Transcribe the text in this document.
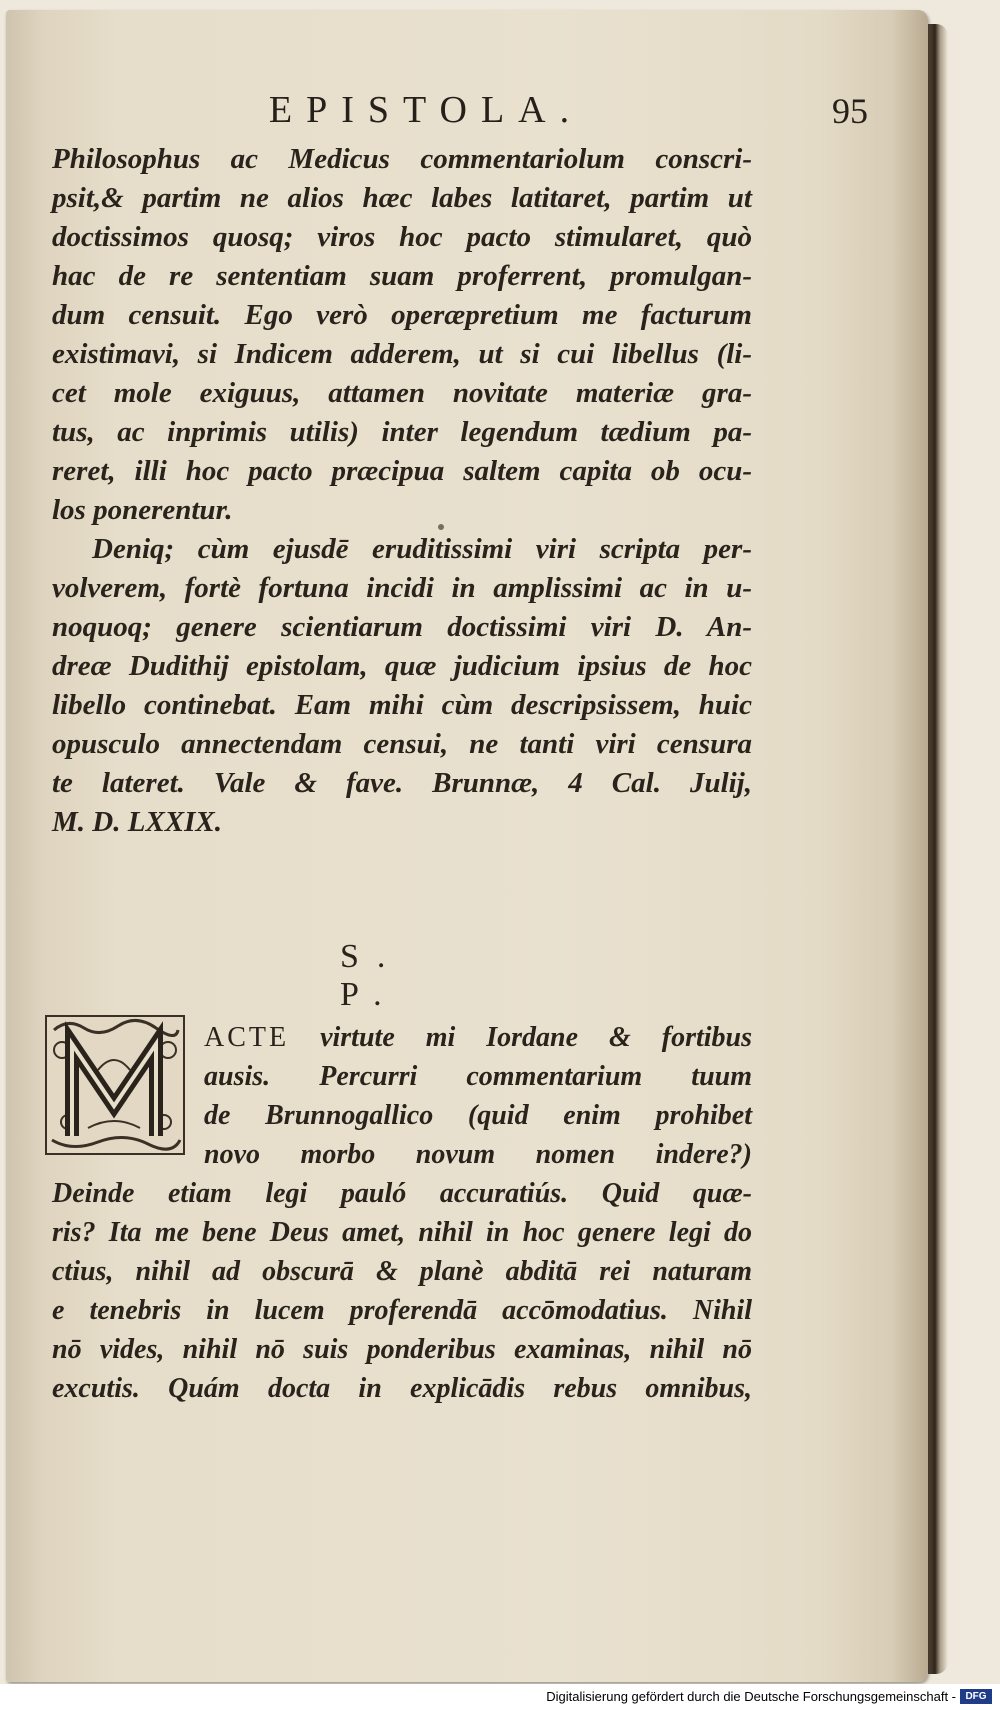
EPISTOLA.	95
Philosophus ac Medicus commentariolum conscri-
psit,& partim ne alios hæc labes latitaret, partim ut
doctissimos quosq; viros hoc pacto stimularet, quò
hac de re sententiam suam proferrent, promulgan-
dum censuit. Ego verò operæpretium me facturum
existimavi, si Indicem adderem, ut si cui libellus (li-
cet mole exiguus, attamen novitate materiæ gra-
tus, ac inprimis utilis) inter legendum tædium pa-
reret, illi hoc pacto præcipua saltem capita ob ocu-
los ponerentur.
Deniq; cùm ejusdē eruditissimi viri scripta per-
volverem, fortè fortuna incidi in amplissimi ac in u-
noquoq; genere scientiarum doctissimi viri D. An-
dreæ Dudithij epistolam, quæ judicium ipsius de hoc
libello continebat. Eam mihi cùm descripsissem, huic
opusculo annectendam censui, ne tanti viri censura
te lateret. Vale & fave. Brunnæ, 4 Cal. Julij,
M. D. LXXIX.
S. P.
ACTE virtute mi Iordane & fortibus
ausis. Percurri commentarium tuum
de Brunnogallico (quid enim prohibet
novo morbo novum nomen indere?)
Deinde etiam legi pauló accuratiús. Quid quæ-
ris? Ita me bene Deus amet, nihil in hoc genere legi do
ctius, nihil ad obscurā & planè abditā rei naturam
e tenebris in lucem proferendā accōmodatius. Nihil
nō vides, nihil nō suis ponderibus examinas, nihil nō
excutis. Quám docta in explicādis rebus omnibus,
Digitalisierung gefördert durch die Deutsche Forschungsgemeinschaft - DFG
